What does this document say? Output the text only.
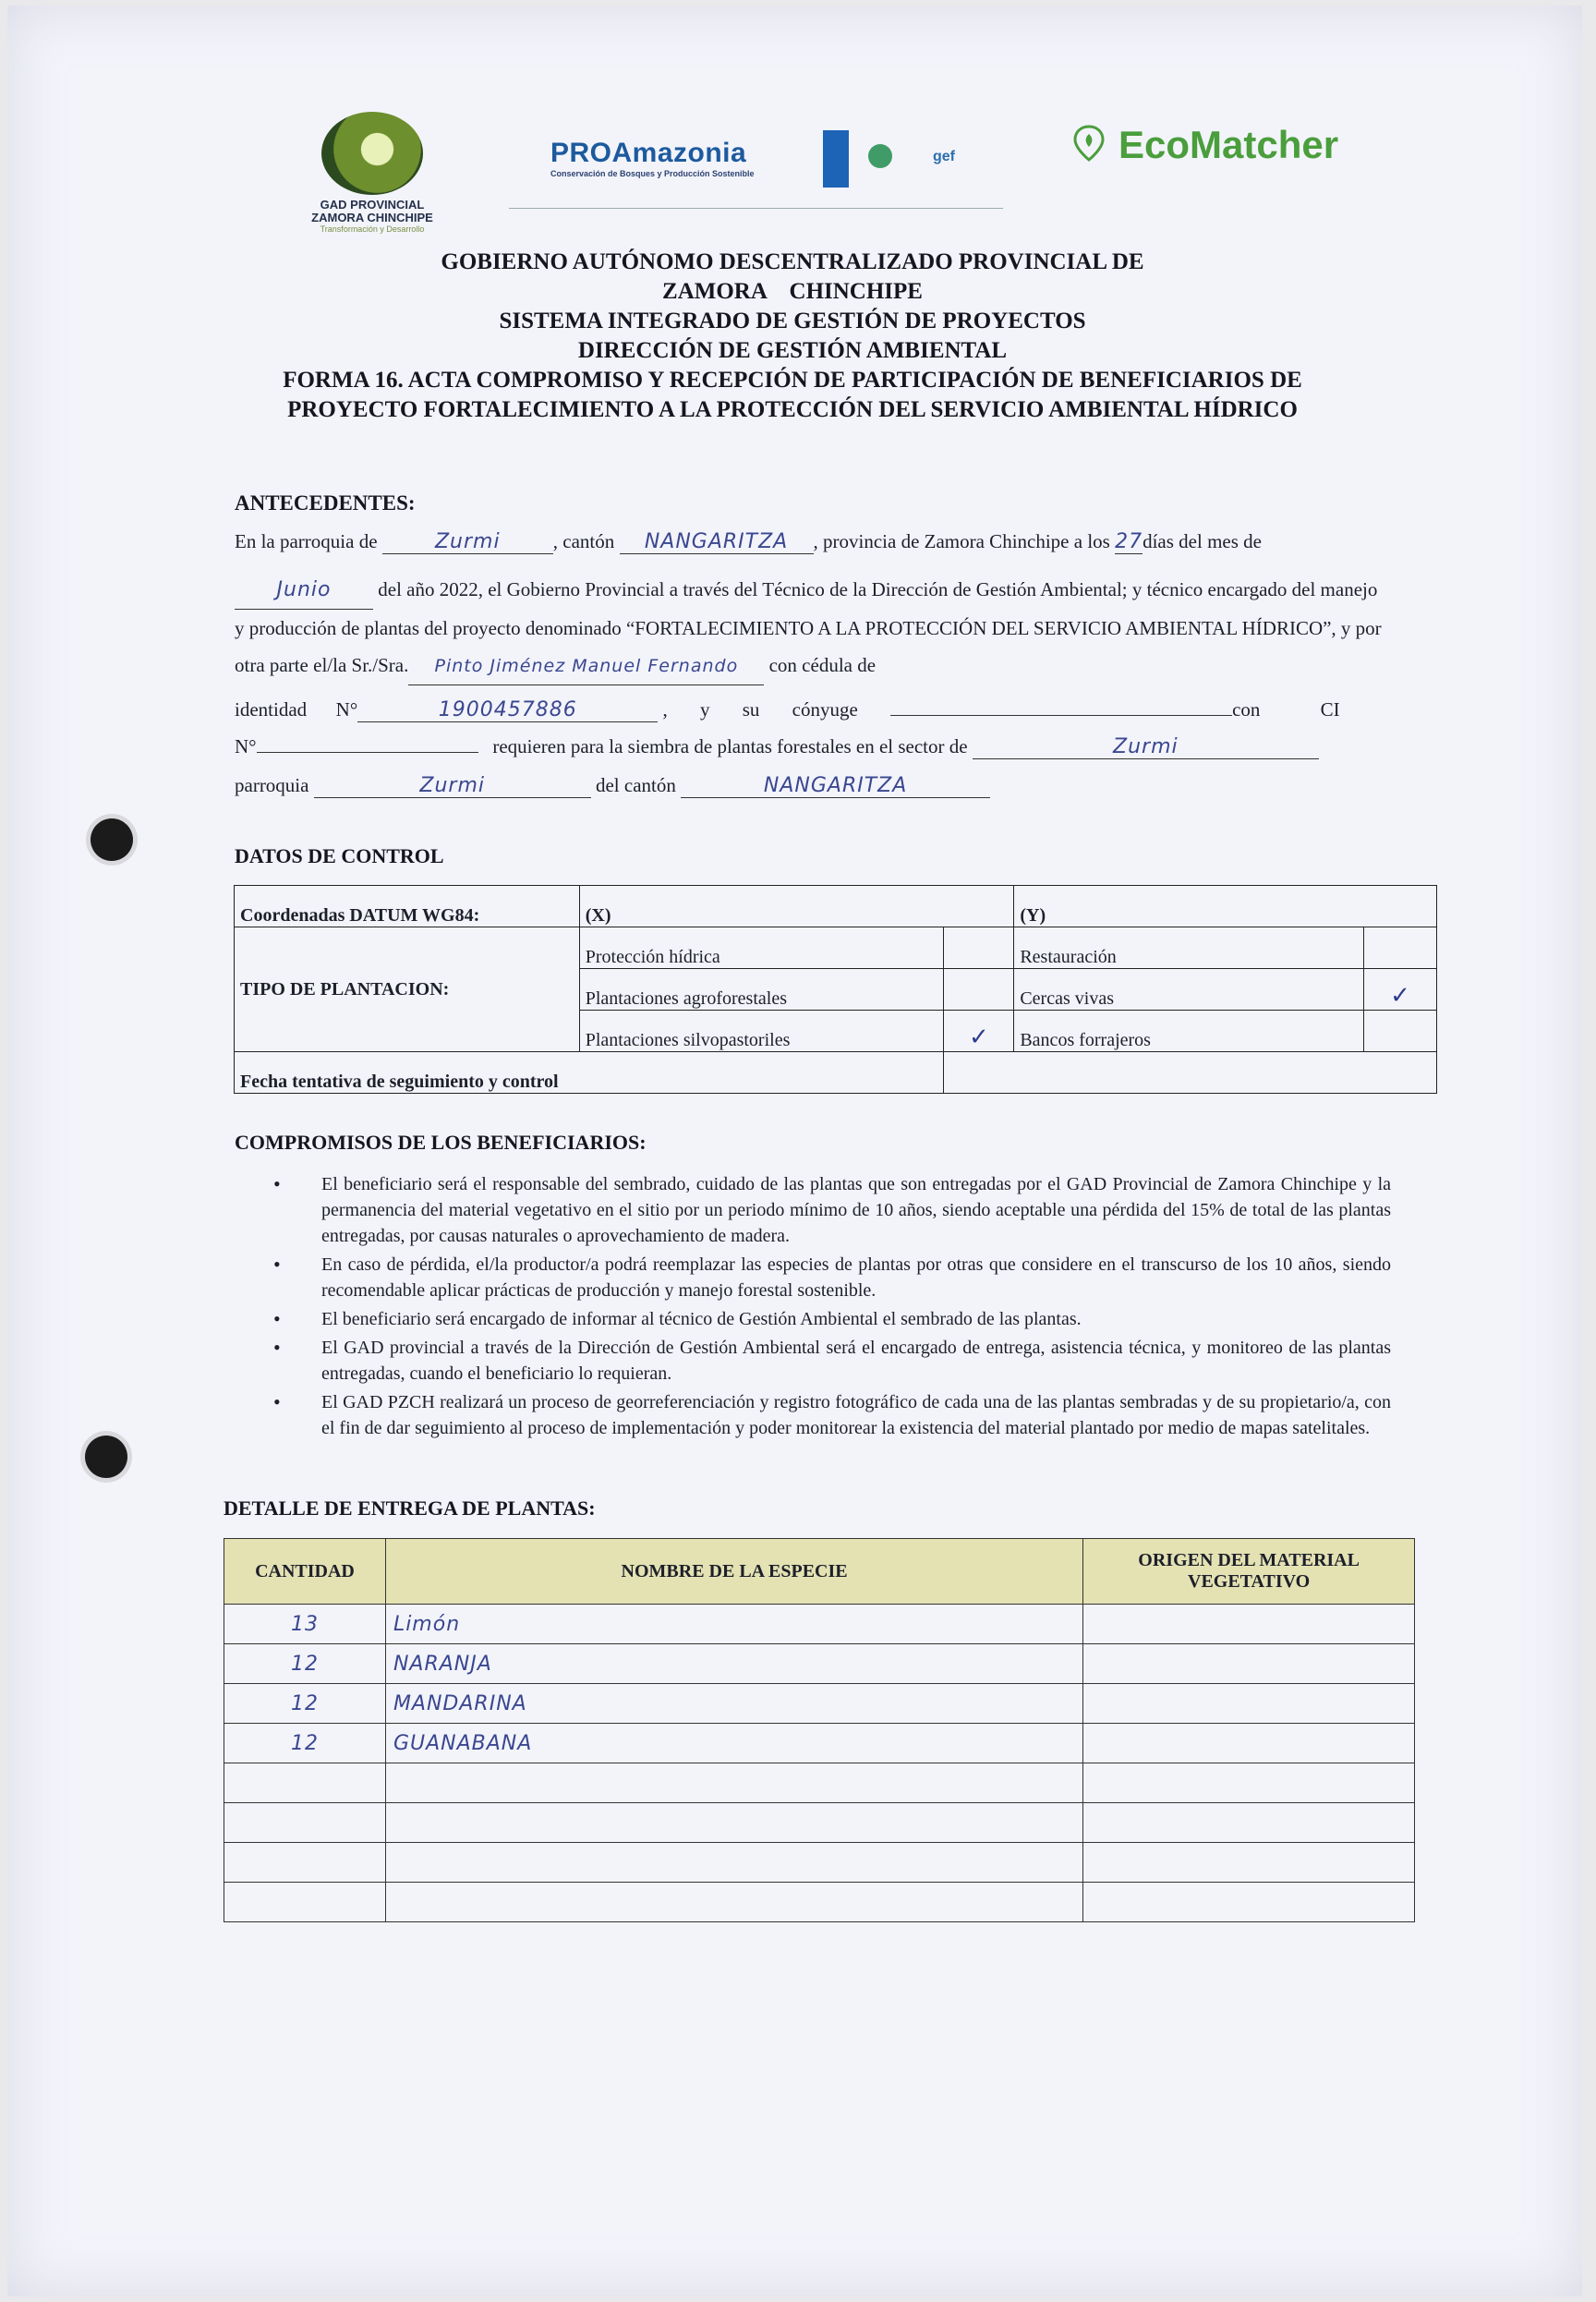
GAD PROVINCIAL ZAMORA CHINCHIPE
Transformación y Desarrollo
PROAmazonia
Conservación de Bosques y Producción Sostenible
gef	EcoMatcher
GOBIERNO AUTÓNOMO DESCENTRALIZADO PROVINCIAL DE
ZAMORA    CHINCHIPE
SISTEMA INTEGRADO DE GESTIÓN DE PROYECTOS
DIRECCIÓN DE GESTIÓN AMBIENTAL
FORMA 16. ACTA COMPROMISO Y RECEPCIÓN DE PARTICIPACIÓN DE BENEFICIARIOS DE
PROYECTO FORTALECIMIENTO A LA PROTECCIÓN DEL SERVICIO AMBIENTAL HÍDRICO
ANTECEDENTES:
En la parroquia de	Zurmi	, cantón NANGARITZA , provincia de Zamora Chinchipe a los 27días del mes de
Junio del año 2022, el Gobierno Provincial a través del Técnico de la Dirección de Gestión Ambiental; y técnico encargado del manejo y producción de plantas del proyecto denominado “FORTALECIMIENTO A LA PROTECCIÓN DEL SERVICIO AMBIENTAL HÍDRICO”, y por otra parte el/la Sr./Sra. Pinto Jiménez Manuel Fernando con cédula de
identidad N°	1900457886	, y su cónyuge	con CI
N°	requieren para la siembra de plantas forestales en el sector de	Zurmi
parroquia	Zurmi	del cantón	NANGARITZA
DATOS DE CONTROL
Coordenadas DATUM WG84:	(X)		(Y)	
TIPO DE PLANTACION:	Protección hídrica		Restauración	
	Plantaciones agroforestales		Cercas vivas	✓
	Plantaciones silvopastoriles	✓	Bancos forrajeros	
Fecha tentativa de seguimiento y control				
COMPROMISOS DE LOS BENEFICIARIOS:
• El beneficiario será el responsable del sembrado, cuidado de las plantas que son entregadas por el GAD Provincial de Zamora Chinchipe y la permanencia del material vegetativo en el sitio por un periodo mínimo de 10 años, siendo aceptable una pérdida del 15% de total de las plantas entregadas, por causas naturales o aprovechamiento de madera.
• En caso de pérdida, el/la productor/a podrá reemplazar las especies de plantas por otras que considere en el transcurso de los 10 años, siendo recomendable aplicar prácticas de producción y manejo forestal sostenible.
• El beneficiario será encargado de informar al técnico de Gestión Ambiental el sembrado de las plantas.
• El GAD provincial a través de la Dirección de Gestión Ambiental será el encargado de entrega, asistencia técnica, y monitoreo de las plantas entregadas, cuando el beneficiario lo requieran.
• El GAD PZCH realizará un proceso de georreferenciación y registro fotográfico de cada una de las plantas sembradas y de su propietario/a, con el fin de dar seguimiento al proceso de implementación y poder monitorear la existencia del material plantado por medio de mapas satelitales.
DETALLE DE ENTREGA DE PLANTAS:
CANTIDAD	NOMBRE DE LA ESPECIE	ORIGEN DEL MATERIAL VEGETATIVO
13	Limón	
12	NARANJA	
12	MANDARINA	
12	GUANABANA	
